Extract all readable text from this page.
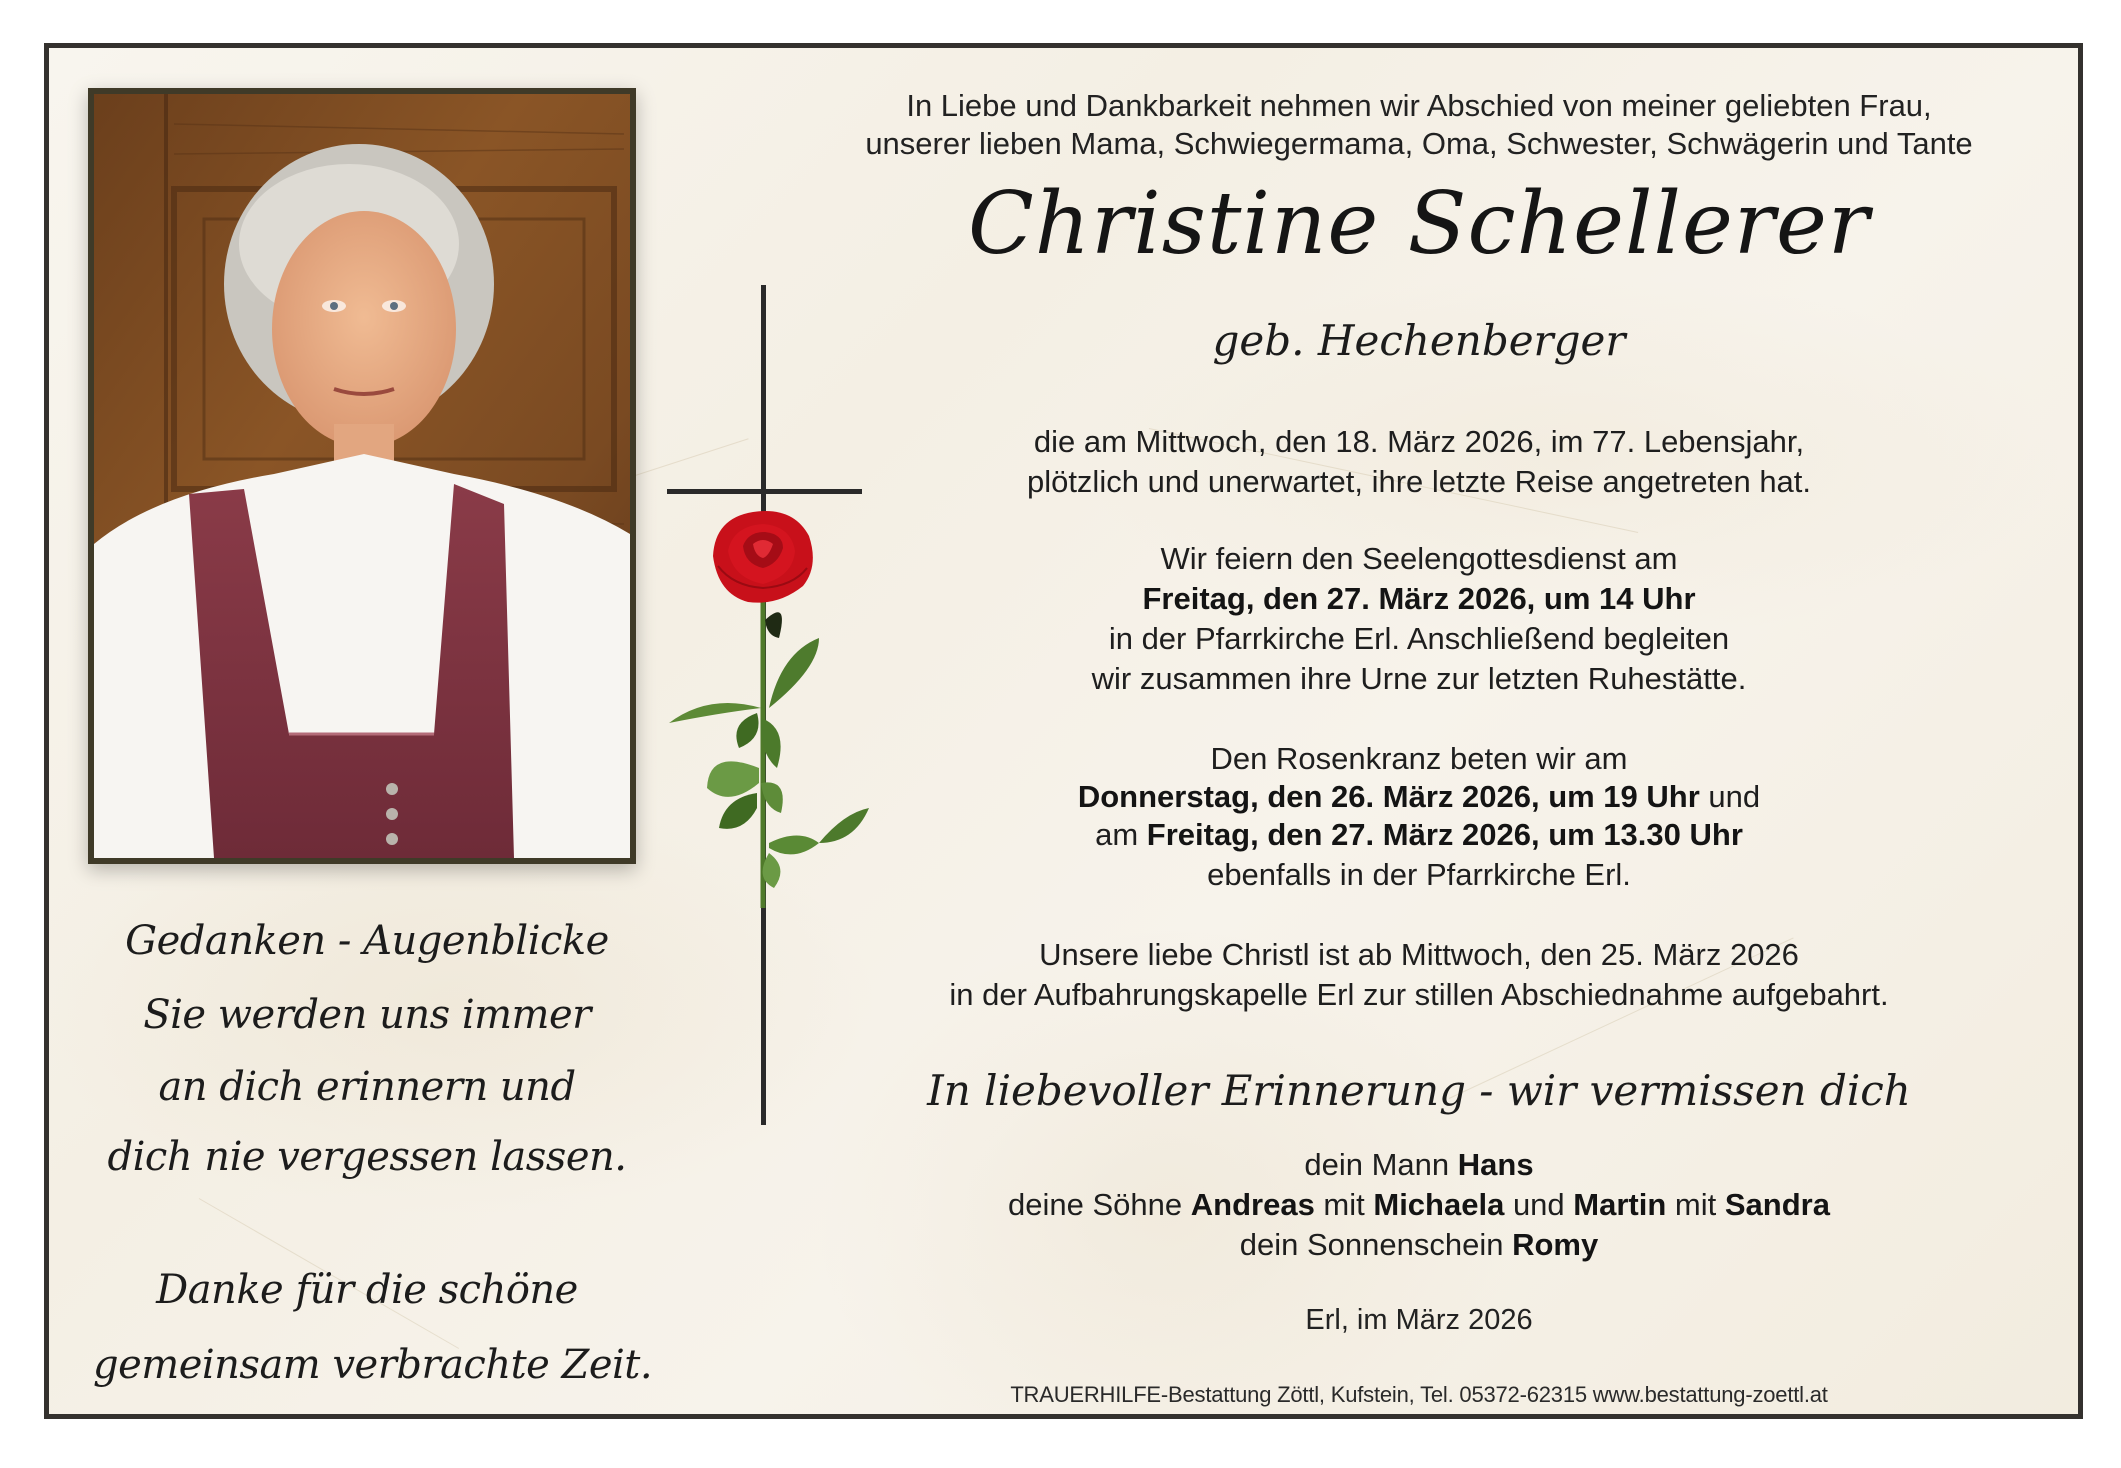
Gedanken - Augenblicke
Sie werden uns immer
an dich erinnern und
dich nie vergessen lassen.
Danke für die schöne
gemeinsam verbrachte Zeit.
In Liebe und Dankbarkeit nehmen wir Abschied von meiner geliebten Frau,
unserer lieben Mama, Schwiegermama, Oma, Schwester, Schwägerin und Tante
Christine Schellerer
geb. Hechenberger
die am Mittwoch, den 18. März 2026, im 77. Lebensjahr,
plötzlich und unerwartet, ihre letzte Reise angetreten hat.
Wir feiern den Seelengottesdienst am
Freitag, den 27. März 2026, um 14 Uhr
in der Pfarrkirche Erl. Anschließend begleiten
wir zusammen ihre Urne zur letzten Ruhestätte.
Den Rosenkranz beten wir am
Donnerstag, den 26. März 2026, um 19 Uhr und
am Freitag, den 27. März 2026, um 13.30 Uhr
ebenfalls in der Pfarrkirche Erl.
Unsere liebe Christl ist ab Mittwoch, den 25. März 2026
in der Aufbahrungskapelle Erl zur stillen Abschiednahme aufgebahrt.
In liebevoller Erinnerung - wir vermissen dich
dein Mann Hans
deine Söhne Andreas mit Michaela und Martin mit Sandra
dein Sonnenschein Romy
Erl, im März 2026
TRAUERHILFE-Bestattung Zöttl, Kufstein, Tel. 05372-62315 www.bestattung-zoettl.at
